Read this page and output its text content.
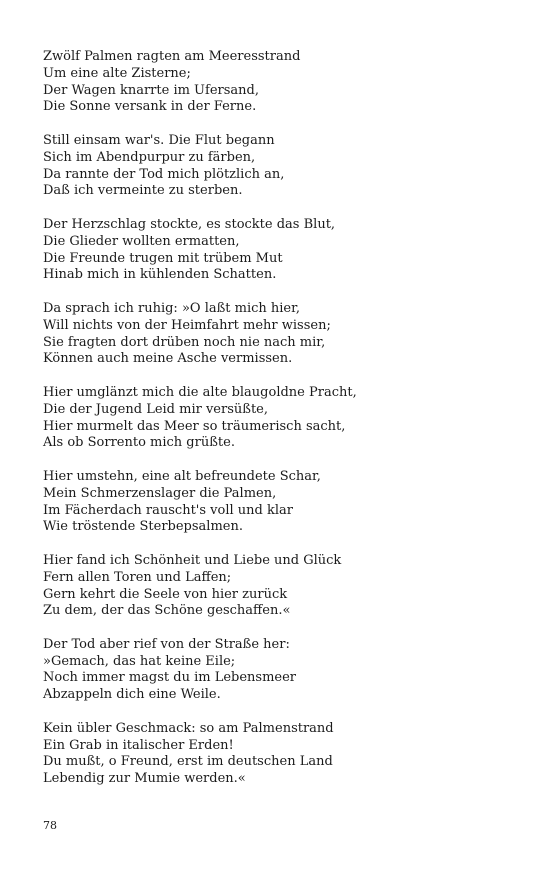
Zwölf Palmen ragten am Meeresstrand
Um eine alte Zisterne;
Der Wagen knarrte im Ufersand,
Die Sonne versank in der Ferne.
Still einsam war's. Die Flut begann
Sich im Abendpurpur zu färben,
Da rannte der Tod mich plötzlich an,
Daß ich vermeinte zu sterben.
Der Herzschlag stockte, es stockte das Blut,
Die Glieder wollten ermatten,
Die Freunde trugen mit trübem Mut
Hinab mich in kühlenden Schatten.
Da sprach ich ruhig: »O laßt mich hier,
Will nichts von der Heimfahrt mehr wissen;
Sie fragten dort drüben noch nie nach mir,
Können auch meine Asche vermissen.
Hier umglänzt mich die alte blaugoldne Pracht,
Die der Jugend Leid mir versüßte,
Hier murmelt das Meer so träumerisch sacht,
Als ob Sorrento mich grüßte.
Hier umstehn, eine alt befreundete Schar,
Mein Schmerzenslager die Palmen,
Im Fächerdach rauscht's voll und klar
Wie tröstende Sterbepsalmen.
Hier fand ich Schönheit und Liebe und Glück
Fern allen Toren und Laffen;
Gern kehrt die Seele von hier zurück
Zu dem, der das Schöne geschaffen.«
Der Tod aber rief von der Straße her:
»Gemach, das hat keine Eile;
Noch immer magst du im Lebensmeer
Abzappeln dich eine Weile.
Kein übler Geschmack: so am Palmenstrand
Ein Grab in italischer Erden!
Du mußt, o Freund, erst im deutschen Land
Lebendig zur Mumie werden.«
78
